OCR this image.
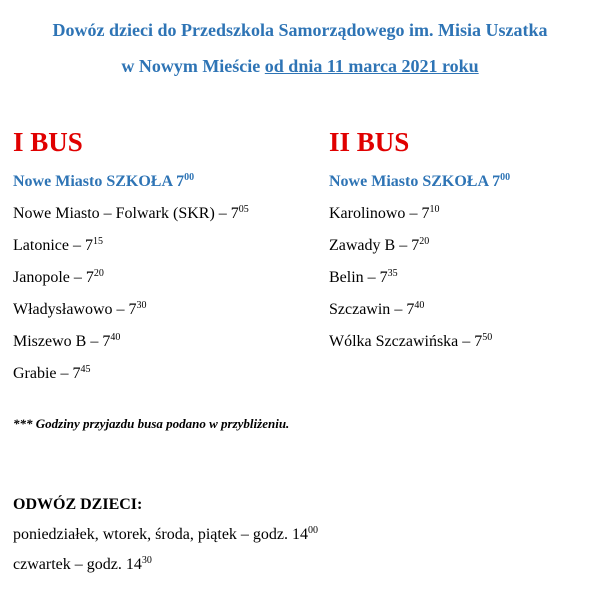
Dowóz dzieci do Przedszkola Samorządowego im. Misia Uszatka
w Nowym Mieście od dnia 11 marca 2021 roku
I BUS
Nowe Miasto SZKOŁA $7^{00}$
Nowe Miasto – Folwark $(SKR) - 7^{05}$
Latonice – $7^{15}$
Janopole – $7^{20}$
Władysławowo – $7^{30}$
Miszewo B – $7^{40}$
Grabie – $7^{45}$
II BUS
Nowe Miasto SZKOŁA $7^{00}$
Karolinowo – $7^{10}$
Zawady B – $7^{20}$
Belin – $7^{35}$
Szczawin – $7^{40}$
Wólka Szczawińska – $7^{50}$
*** Godziny przyjazdu busa podano w przybliżeniu.
ODWÓZ DZIECI:
poniedziałek, wtorek, środa, piątek – godz. $14^{00}$
czwartek – godz. $14^{30}$
